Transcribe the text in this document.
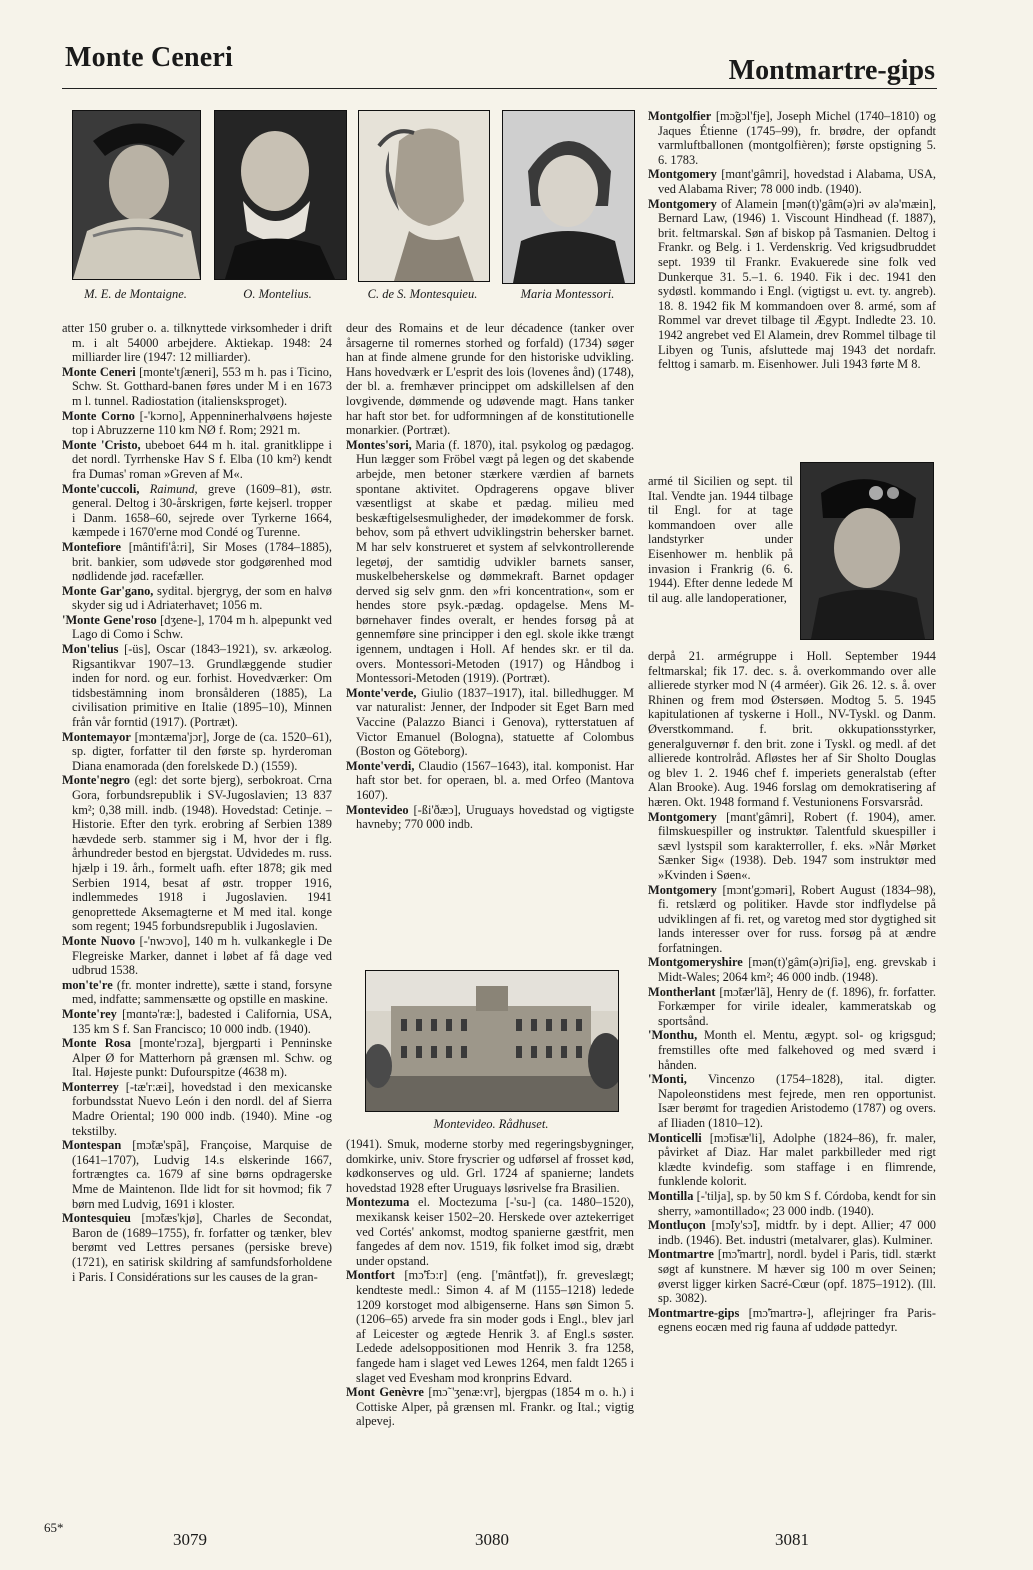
Monte Ceneri	Montmartre-gips
M. E. de Montaigne.	O. Montelius.	C. de S. Montesquieu.	Maria Montessori.

atter 150 gruber o. a. tilknyttede virksomheder i drift m. i alt 54000 arbejdere. Aktiekap. 1948: 24 milliarder lire (1947: 12 milliarder).

Monte Ceneri [monte'tʃæneri], 553 m h. pas i Ticino, Schw. St. Gotthard-banen føres under M i en 1673 m l. tunnel. Radiostation (italiensksproget).

Monte Corno [-'kɔrno], Appenninerhalvøens højeste top i Abruzzerne 110 km NØ f. Rom; 2921 m.

Monte 'Cristo, ubeboet 644 m h. ital. granitklippe i det nordl. Tyrrhenske Hav S f. Elba (10 km²) kendt fra Dumas' roman »Greven af M«.

Monte'cuccoli, Raimund, greve (1609–81), østr. general. Deltog i 30-årskrigen, førte kejserl. tropper i Danm. 1658–60, sejrede over Tyrkerne 1664, kæmpede i 1670'erne mod Condé og Turenne.

Montefiore [mântifi'å:ri], Sir Moses (1784–1885), brit. bankier, som udøvede stor godgørenhed mod nødlidende jød. racefæller.

Monte Gar'gano, sydital. bjergryg, der som en halvø skyder sig ud i Adriaterhavet; 1056 m.

'Monte Gene'roso [dʒene-], 1704 m h. alpepunkt ved Lago di Como i Schw.

Mon'telius [-üs], Oscar (1843–1921), sv. arkæolog. Rigsantikvar 1907–13. Grundlæggende studier inden for nord. og eur. forhist. Hovedværker: Om tidsbestämning inom bronsålderen (1885), La civilisation primitive en Italie (1895–10), Minnen från vår forntid (1917). (Portræt).

Montemayor [mɔntæma'jɔr], Jorge de (ca. 1520–61), sp. digter, forfatter til den første sp. hyrderoman Diana enamorada (den forelskede D.) (1559).

Monte'negro (egl: det sorte bjerg), serbokroat. Crna Gora, forbundsrepublik i SV-Jugoslavien; 13 837 km²; 0,38 mill. indb. (1948). Hovedstad: Cetinje. – Historie. Efter den tyrk. erobring af Serbien 1389 hævdede serb. stammer sig i M, hvor der i flg. århundreder bestod en bjergstat. Udvidedes m. russ. hjælp i 19. årh., formelt uafh. efter 1878; gik med Serbien 1914, besat af østr. tropper 1916, indlemmedes 1918 i Jugoslavien. 1941 genoprettede Aksemagterne et M med ital. konge som regent; 1945 forbundsrepublik i Jugoslavien.

Monte Nuovo [-'nwɔvo], 140 m h. vulkankegle i De Flegreiske Marker, dannet i løbet af få dage ved udbrud 1538.

mon'te're (fr. monter indrette), sætte i stand, forsyne med, indfatte; sammensætte og opstille en maskine.

Monte'rey [mɑntə'ræ:], badested i California, USA, 135 km S f. San Francisco; 10 000 indb. (1940).

Monte Rosa [monte'rɔza], bjergparti i Penninske Alper Ø for Matterhorn på grænsen ml. Schw. og Ital. Højeste punkt: Dufourspitze (4638 m).

Monterrey [-tæ'r:æi], hovedstad i den mexicanske forbundsstat Nuevo León i den nordl. del af Sierra Madre Oriental; 190 000 indb. (1940). Mine -og tekstilby.

Montespan [mɔ̃tæ'spã], Françoise, Marquise de (1641–1707), Ludvig 14.s elskerinde 1667, fortrængtes ca. 1679 af sine børns opdragerske Mme de Maintenon. Ilde lidt for sit hovmod; fik 7 børn med Ludvig, 1691 i kloster.

Montesquieu [mɔ̃tæs'kjø], Charles de Secondat, Baron de (1689–1755), fr. forfatter og tænker, blev berømt ved Lettres persanes (persiske breve) (1721), en satirisk skildring af samfundsforholdene i Paris. I Considérations sur les causes de la gran-

deur des Romains et de leur décadence (tanker over årsagerne til romernes storhed og forfald) (1734) søger han at finde almene grunde for den historiske udvikling. Hans hovedværk er L'esprit des lois (lovenes ånd) (1748), der bl. a. fremhæver princippet om adskillelsen af den lovgivende, dømmende og udøvende magt. Hans tanker har haft stor bet. for udformningen af de konstitutionelle monarkier. (Portræt).

Montes'sori, Maria (f. 1870), ital. psykolog og pædagog. Hun lægger som Fröbel vægt på legen og det skabende arbejde, men betoner stærkere værdien af barnets spontane aktivitet. Opdragerens opgave bliver væsentligst at skabe et pædag. milieu med beskæftigelsesmuligheder, der imødekommer de forsk. behov, som på ethvert udviklingstrin behersker barnet. M har selv konstrueret et system af selvkontrollerende legetøj, der samtidig udvikler barnets sanser, muskelbeherskelse og dømmekraft. Barnet opdager derved sig selv gnm. den »fri koncentration«, som er hendes store psyk.-pædag. opdagelse. Mens M-børnehaver findes overalt, er hendes forsøg på at gennemføre sine principper i den egl. skole ikke trængt igennem, undtagen i Holl. Af hendes skr. er til da. overs. Montessori-Metoden (1917) og Håndbog i Montessori-Metoden (1919). (Portræt).

Monte'verde, Giulio (1837–1917), ital. billedhugger. M var naturalist: Jenner, der Indpoder sit Eget Barn med Vaccine (Palazzo Bianci i Genova), rytterstatuen af Victor Emanuel (Bologna), statuette af Colombus (Boston og Göteborg).

Monte'verdi, Claudio (1567–1643), ital. komponist. Har haft stor bet. for operaen, bl. a. med Orfeo (Mantova 1607).

Montevideo [-ßi'ðæɔ], Uruguays hovedstad og vigtigste havneby; 770 000 indb.

Montevideo. Rådhuset.

(1941). Smuk, moderne storby med regeringsbygninger, domkirke, univ. Store fryscrier og udførsel af frosset kød, kødkonserves og uld. Grl. 1724 af spanierne; landets hovedstad 1928 efter Uruguays løsrivelse fra Brasilien.

Montezuma el. Moctezuma [-'su-] (ca. 1480–1520), mexikansk keiser 1502–20. Herskede over aztekerriget ved Cortés' ankomst, modtog spanierne gæstfrit, men fangedes af dem nov. 1519, fik folket imod sig, dræbt under opstand.

Montfort [mɔ̃'fɔ:r] (eng. ['mântfət]), fr. greveslægt; kendteste medl.: Simon 4. af M (1155–1218) ledede 1209 korstoget mod albigenserne. Hans søn Simon 5. (1206–65) arvede fra sin moder gods i Engl., blev jarl af Leicester og ægtede Henrik 3. af Engl.s søster. Ledede adelsoppositionen mod Henrik 3. fra 1258, fangede ham i slaget ved Lewes 1264, men faldt 1265 i slaget ved Evesham mod kronprins Edvard.

Mont Genèvre [mɔ̃ 'ʒenæ:vr], bjergpas (1854 m o. h.) i Cottiske Alper, på grænsen ml. Frankr. og Ital.; vigtig alpevej.

Montgolfier [mɔ̃gɔl'fje], Joseph Michel (1740–1810) og Jaques Étienne (1745–99), fr. brødre, der opfandt varmluftballonen (montgolfièren); første opstigning 5. 6. 1783.

Montgomery [mɑnt'gâmri], hovedstad i Alabama, USA, ved Alabama River; 78 000 indb. (1940).

Montgomery of Alamein [mən(t)'gâm(ə)ri əv alə'mæin], Bernard Law, (1946) 1. Viscount Hindhead (f. 1887), brit. feltmarskal. Søn af biskop på Tasmanien. Deltog i Frankr. og Belg. i 1. Verdenskrig. Ved krigsudbruddet sept. 1939 til Frankr. Evakuerede sine folk ved Dunkerque 31. 5.–1. 6. 1940. Fik i dec. 1941 den sydøstl. kommando i Engl. (vigtigst u. evt. ty. angreb). 18. 8. 1942 fik M kommandoen over 8. armé, som af Rommel var drevet tilbage til Ægypt. Indledte 23. 10. 1942 angrebet ved El Alamein, drev Rommel tilbage til Libyen og Tunis, afsluttede maj 1943 det nordafr. felttog i samarb. m. Eisenhower. Juli 1943 førte M 8.

armé til Sicilien og sept. til Ital. Vendte jan. 1944 tilbage til Engl. for at tage kommandoen over alle landstyrker under Eisenhower m. henblik på invasion i Frankrig (6. 6. 1944). Efter denne ledede M til aug. alle landoperationer,

derpå 21. armégruppe i Holl. September 1944 feltmarskal; fik 17. dec. s. å. overkommando over alle allierede styrker mod N (4 arméer). Gik 26. 12. s. å. over Rhinen og frem mod Østersøen. Modtog 5. 5. 1945 kapitulationen af tyskerne i Holl., NV-Tyskl. og Danm. Øverstkommand. f. brit. okkupationsstyrker, generalguvernør f. den brit. zone i Tyskl. og medl. af det allierede kontrolråd. Afløstes her af Sir Sholto Douglas og blev 1. 2. 1946 chef f. imperiets generalstab (efter Alan Brooke). Aug. 1946 forslag om demokratisering af hæren. Okt. 1948 formand f. Vestunionens Forsvarsråd.

Montgomery [mɑnt'gâmri], Robert (f. 1904), amer. filmskuespiller og instruktør. Talentfuld skuespiller i sævl lystspil som karakterroller, f. eks. »Når Mørket Sænker Sig« (1938). Deb. 1947 som instruktør med »Kvinden i Søen«.

Montgomery [mɔnt'gɔməri], Robert August (1834–98), fi. retslærd og politiker. Havde stor indflydelse på udviklingen af fi. ret, og varetog med stor dygtighed sit lands interesser over for russ. forsøg på at ændre forfatningen.

Montgomeryshire [mən(t)'gâm(ə)riʃiə], eng. grevskab i Midt-Wales; 2064 km²; 46 000 indb. (1948).

Montherlant [mɔ̃tær'lã], Henry de (f. 1896), fr. forfatter. Forkæmper for virile idealer, kammeratskab og sportsånd.

'Monthu, Month el. Mentu, ægypt. sol- og krigsgud; fremstilles ofte med falkehoved og med sværd i hånden.

'Monti, Vincenzo (1754–1828), ital. digter. Napoleonstidens mest fejrede, men ren opportunist. Især berømt for tragedien Aristodemo (1787) og overs. af Iliaden (1810–12).

Monticelli [mɔ̃tisæ'li], Adolphe (1824–86), fr. maler, påvirket af Diaz. Har malet parkbilleder med rigt klædte kvindefig. som staffage i en flimrende, funklende kolorit.

Montilla [-'tilja], sp. by 50 km S f. Córdoba, kendt for sin sherry, »amontillado«; 23 000 indb. (1940).

Montluçon [mɔ̃ly'sɔ̃], midtfr. by i dept. Allier; 47 000 indb. (1946). Bet. industri (metalvarer, glas). Kulminer.

Montmartre [mɔ̃'martr], nordl. bydel i Paris, tidl. stærkt søgt af kunstnere. M hæver sig 100 m over Seinen; øverst ligger kirken Sacré-Cœur (opf. 1875–1912). (Ill. sp. 3082).

Montmartre-gips [mɔ̃'martrə-], aflejringer fra Paris-egnens eocæn med rig fauna af uddøde pattedyr.

65*
3079	3080	3081
